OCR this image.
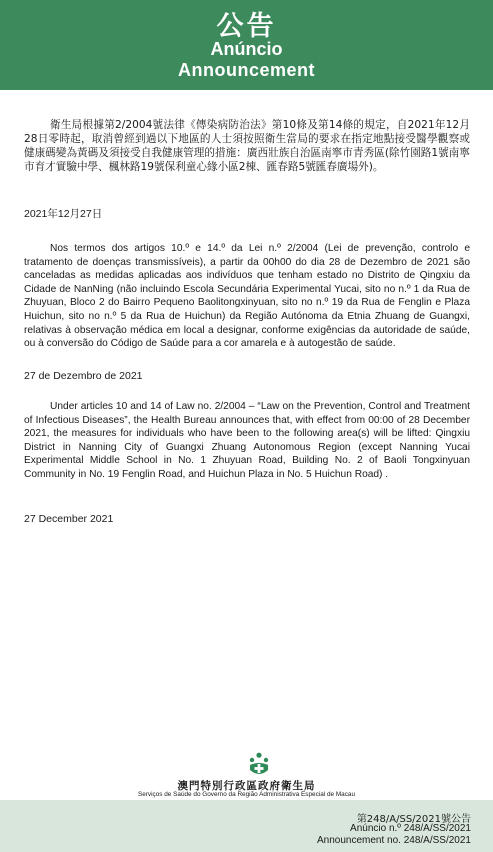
公告
Anúncio
Announcement
衛生局根據第2/2004號法律《傳染病防治法》第10條及第14條的規定，自2021年12月28日零時起，取消曾經到過以下地區的人士須按照衛生當局的要求在指定地點接受醫學觀察或健康碼變為黃碼及須接受自我健康管理的措施：廣西壯族自治區南寧市青秀區(除竹園路1號南寧市育才實驗中學、楓林路19號保利童心緣小區2棟、匯春路5號匯春廣場外)。
2021年12月27日
Nos termos dos artigos 10.º e 14.º da Lei n.º 2/2004 (Lei de prevenção, controlo e tratamento de doenças transmissíveis), a partir da 00h00 do dia 28 de Dezembro de 2021 são canceladas as medidas aplicadas aos indivíduos que tenham estado no Distrito de Qingxiu da Cidade de NanNing (não incluindo Escola Secundária Experimental Yucai, sito no n.º 1 da Rua de Zhuyuan, Bloco 2 do Bairro Pequeno Baolitongxinyuan, sito no n.º 19 da Rua de Fenglin e Plaza Huichun, sito no n.º 5 da Rua de Huichun) da Região Autónoma da Etnia Zhuang de Guangxi, relativas à observação médica em local a designar, conforme exigências da autoridade de saúde, ou à conversão do Código de Saúde para a cor amarela e à autogestão de saúde.
27 de Dezembro de 2021
Under articles 10 and 14 of Law no. 2/2004 – “Law on the Prevention, Control and Treatment of Infectious Diseases”, the Health Bureau announces that, with effect from 00:00 of 28 December 2021, the measures for individuals who have been to the following area(s) will be lifted: Qingxiu District in Nanning City of Guangxi Zhuang Autonomous Region (except Nanning Yucai Experimental Middle School in No. 1 Zhuyuan Road, Building No. 2 of Baoli Tongxinyuan Community in No. 19 Fenglin Road, and Huichun Plaza in No. 5 Huichun Road) .
27 December 2021
澳門特別行政區政府衛生局
Serviços de Saúde do Governo da Região Administrativa Especial de Macau
第248/A/SS/2021號公告
Anúncio n.º 248/A/SS/2021
Announcement no. 248/A/SS/2021
